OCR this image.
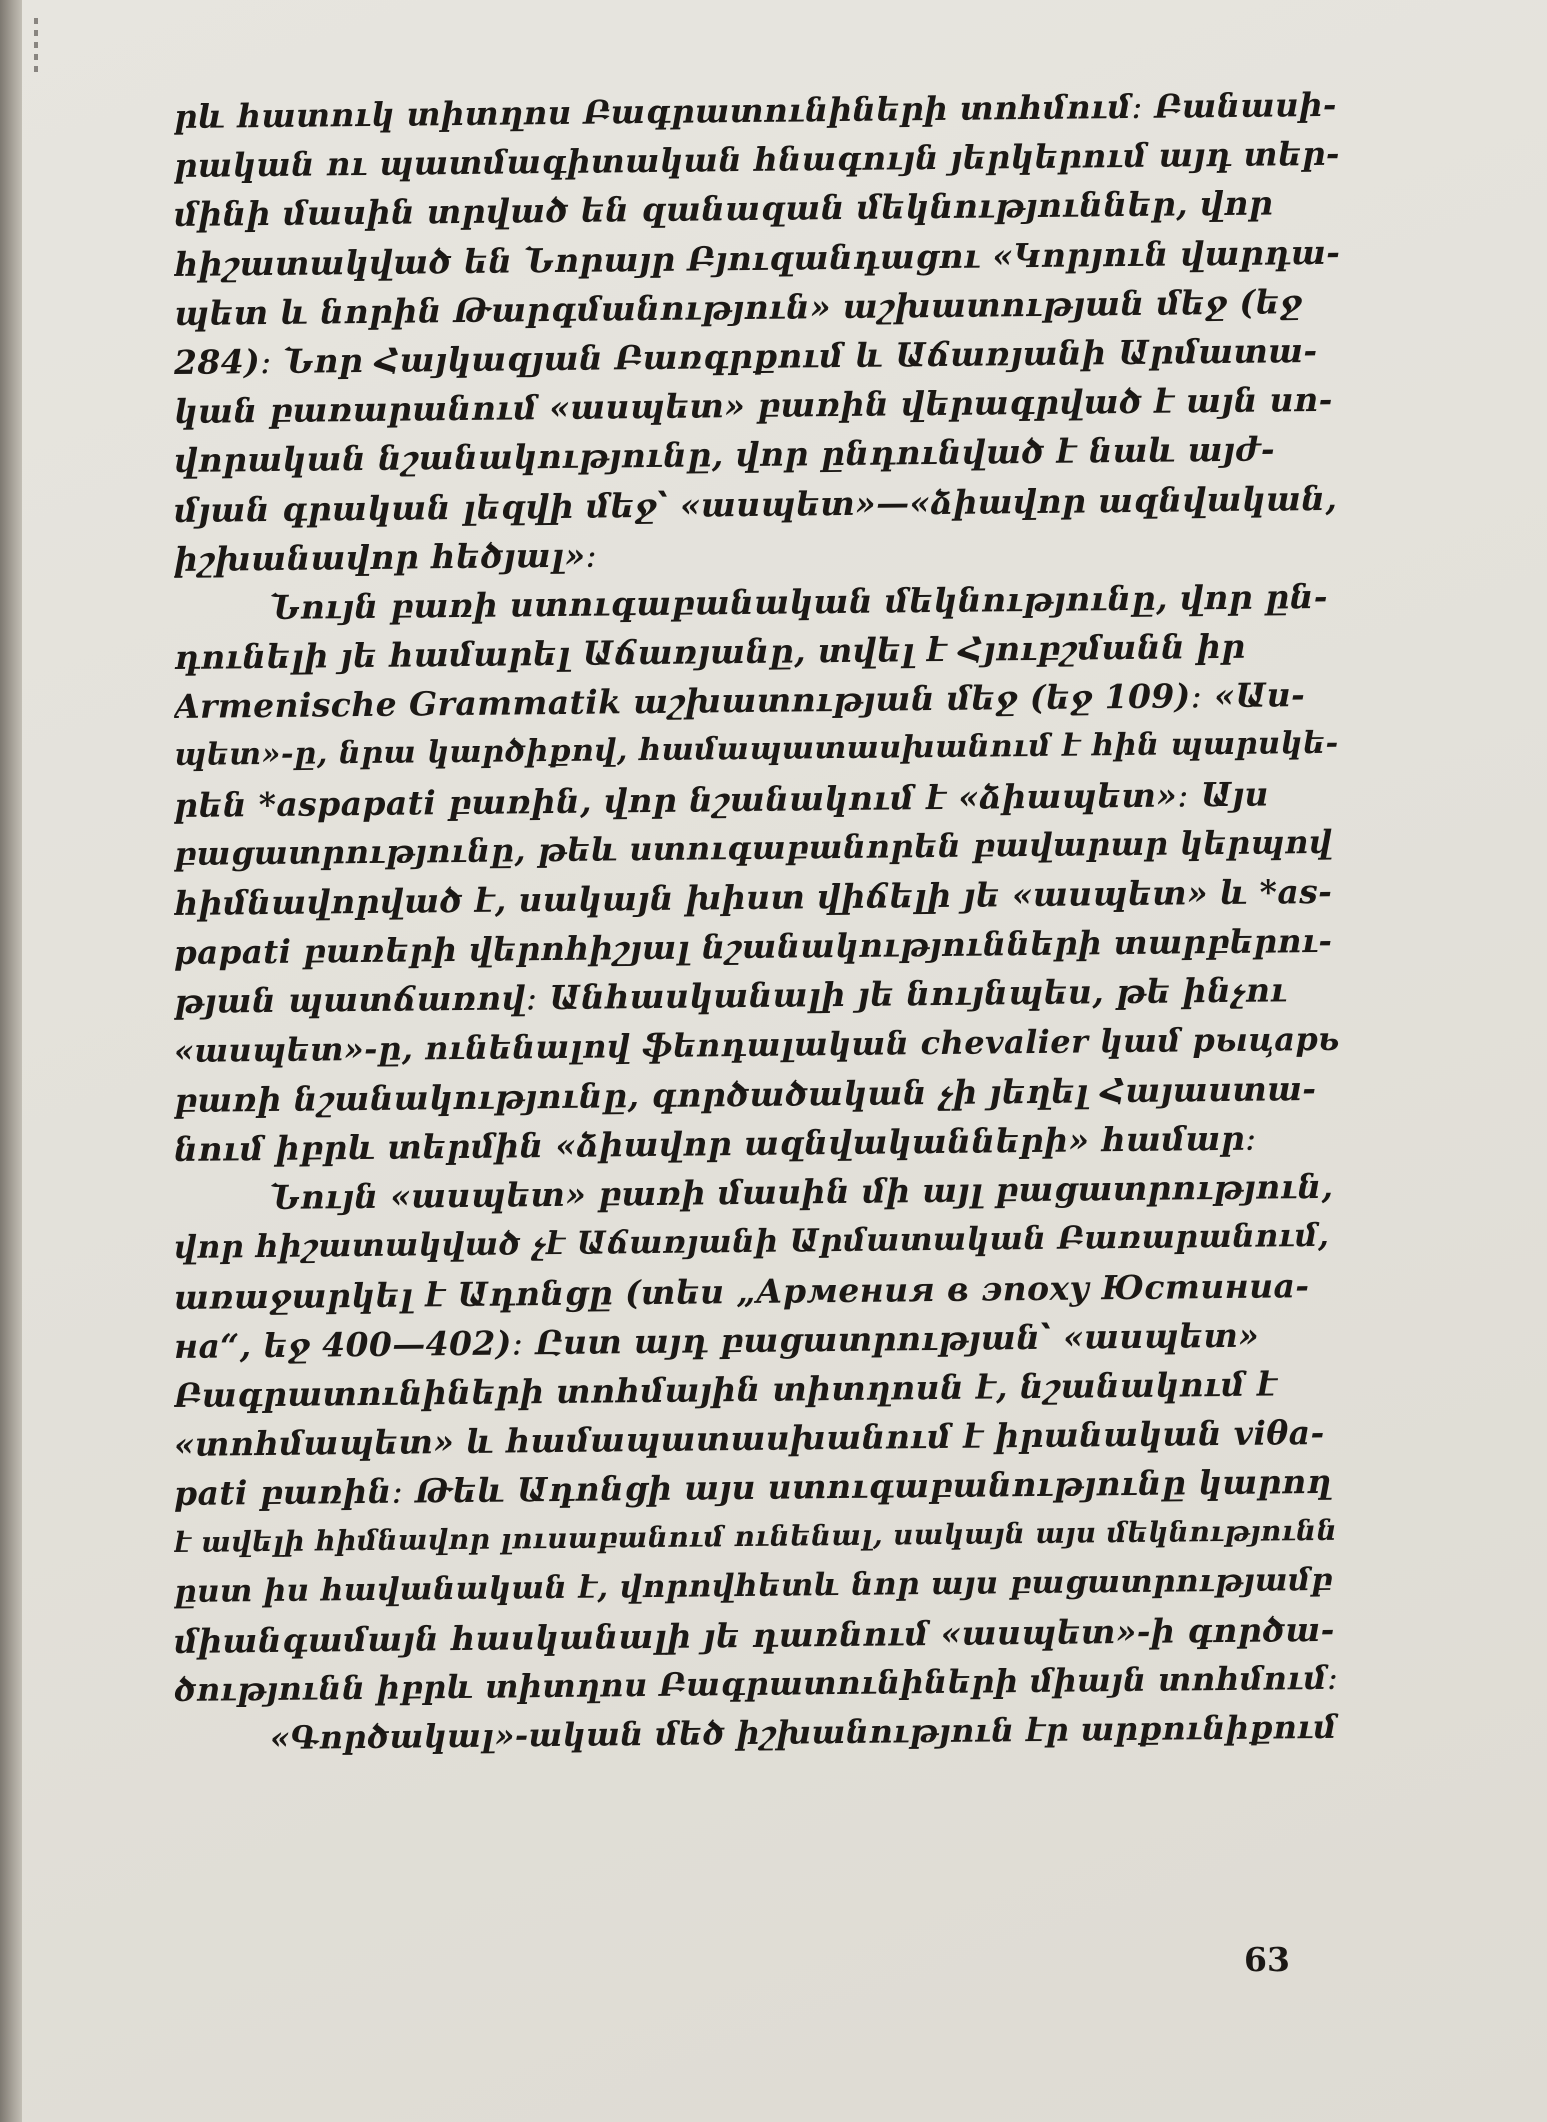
րև հատուկ տիտղոս Բագրատունիների տոհմում։ Բանասի-
րական ու պատմագիտական հնագույն յերկերում այդ տեր-
մինի մասին տրված են զանազան մեկնություններ, վոր
հիշատակված են Նորայր Բյուզանդացու «Կորյուն վարդա-
պետ և նորին Թարգմանություն» աշխատության մեջ (եջ
284)։ Նոր Հայկազյան Բառգրքում և Աճառյանի Արմատա-
կան բառարանում «ասպետ» բառին վերագրված է այն սո-
վորական նշանակությունը, վոր ընդունված է նաև այժ-
մյան գրական լեզվի մեջ՝ «ասպետ»—«ձիավոր ազնվական,
իշխանավոր հեծյալ»։
Նույն բառի ստուգաբանական մեկնությունը, վոր ըն-
դունելի յե համարել Աճառյանը, տվել է Հյուբշմանն իր
Armenische Grammatik աշխատության մեջ (եջ 109)։ «Աս-
պետ»-ը, նրա կարծիքով, համապատասխանում է հին պարսկե-
րեն *aspapati բառին, վոր նշանակում է «ձիապետ»։ Այս
բացատրությունը, թեև ստուգաբանորեն բավարար կերպով
հիմնավորված է, սակայն խիստ վիճելի յե «ասպետ» և *as-
papati բառերի վերոհիշյալ նշանակությունների տարբերու-
թյան պատճառով։ Անհասկանալի յե նույնպես, թե ինչու
«ասպետ»-ը, ունենալով ֆեոդալական chevalier կամ рыцарь
բառի նշանակությունը, գործածական չի յեղել Հայաստա-
նում իբրև տերմին «ձիավոր ազնվականների» համար։
Նույն «ասպետ» բառի մասին մի այլ բացատրություն,
վոր հիշատակված չէ Աճառյանի Արմատական Բառարանում,
առաջարկել է Ադոնցը (տես „Армения в эпоху Юстиниа-
на“, եջ 400—402)։ Ըստ այդ բացատրության՝ «ասպետ»
Բագրատունիների տոհմային տիտղոսն է, նշանակում է
«տոհմապետ» և համապատասխանում է իրանական viθa-
pati բառին։ Թեև Ադոնցի այս ստուգաբանությունը կարող
է ավելի հիմնավոր լուսաբանում ունենալ, սակայն այս մեկնությունն
ըստ իս հավանական է, վորովհետև նոր այս բացատրությամբ
միանգամայն հասկանալի յե դառնում «ասպետ»-ի գործա-
ծությունն իբրև տիտղոս Բագրատունիների միայն տոհմում։
«Գործակալ»-ական մեծ իշխանություն էր արքունիքում
63
